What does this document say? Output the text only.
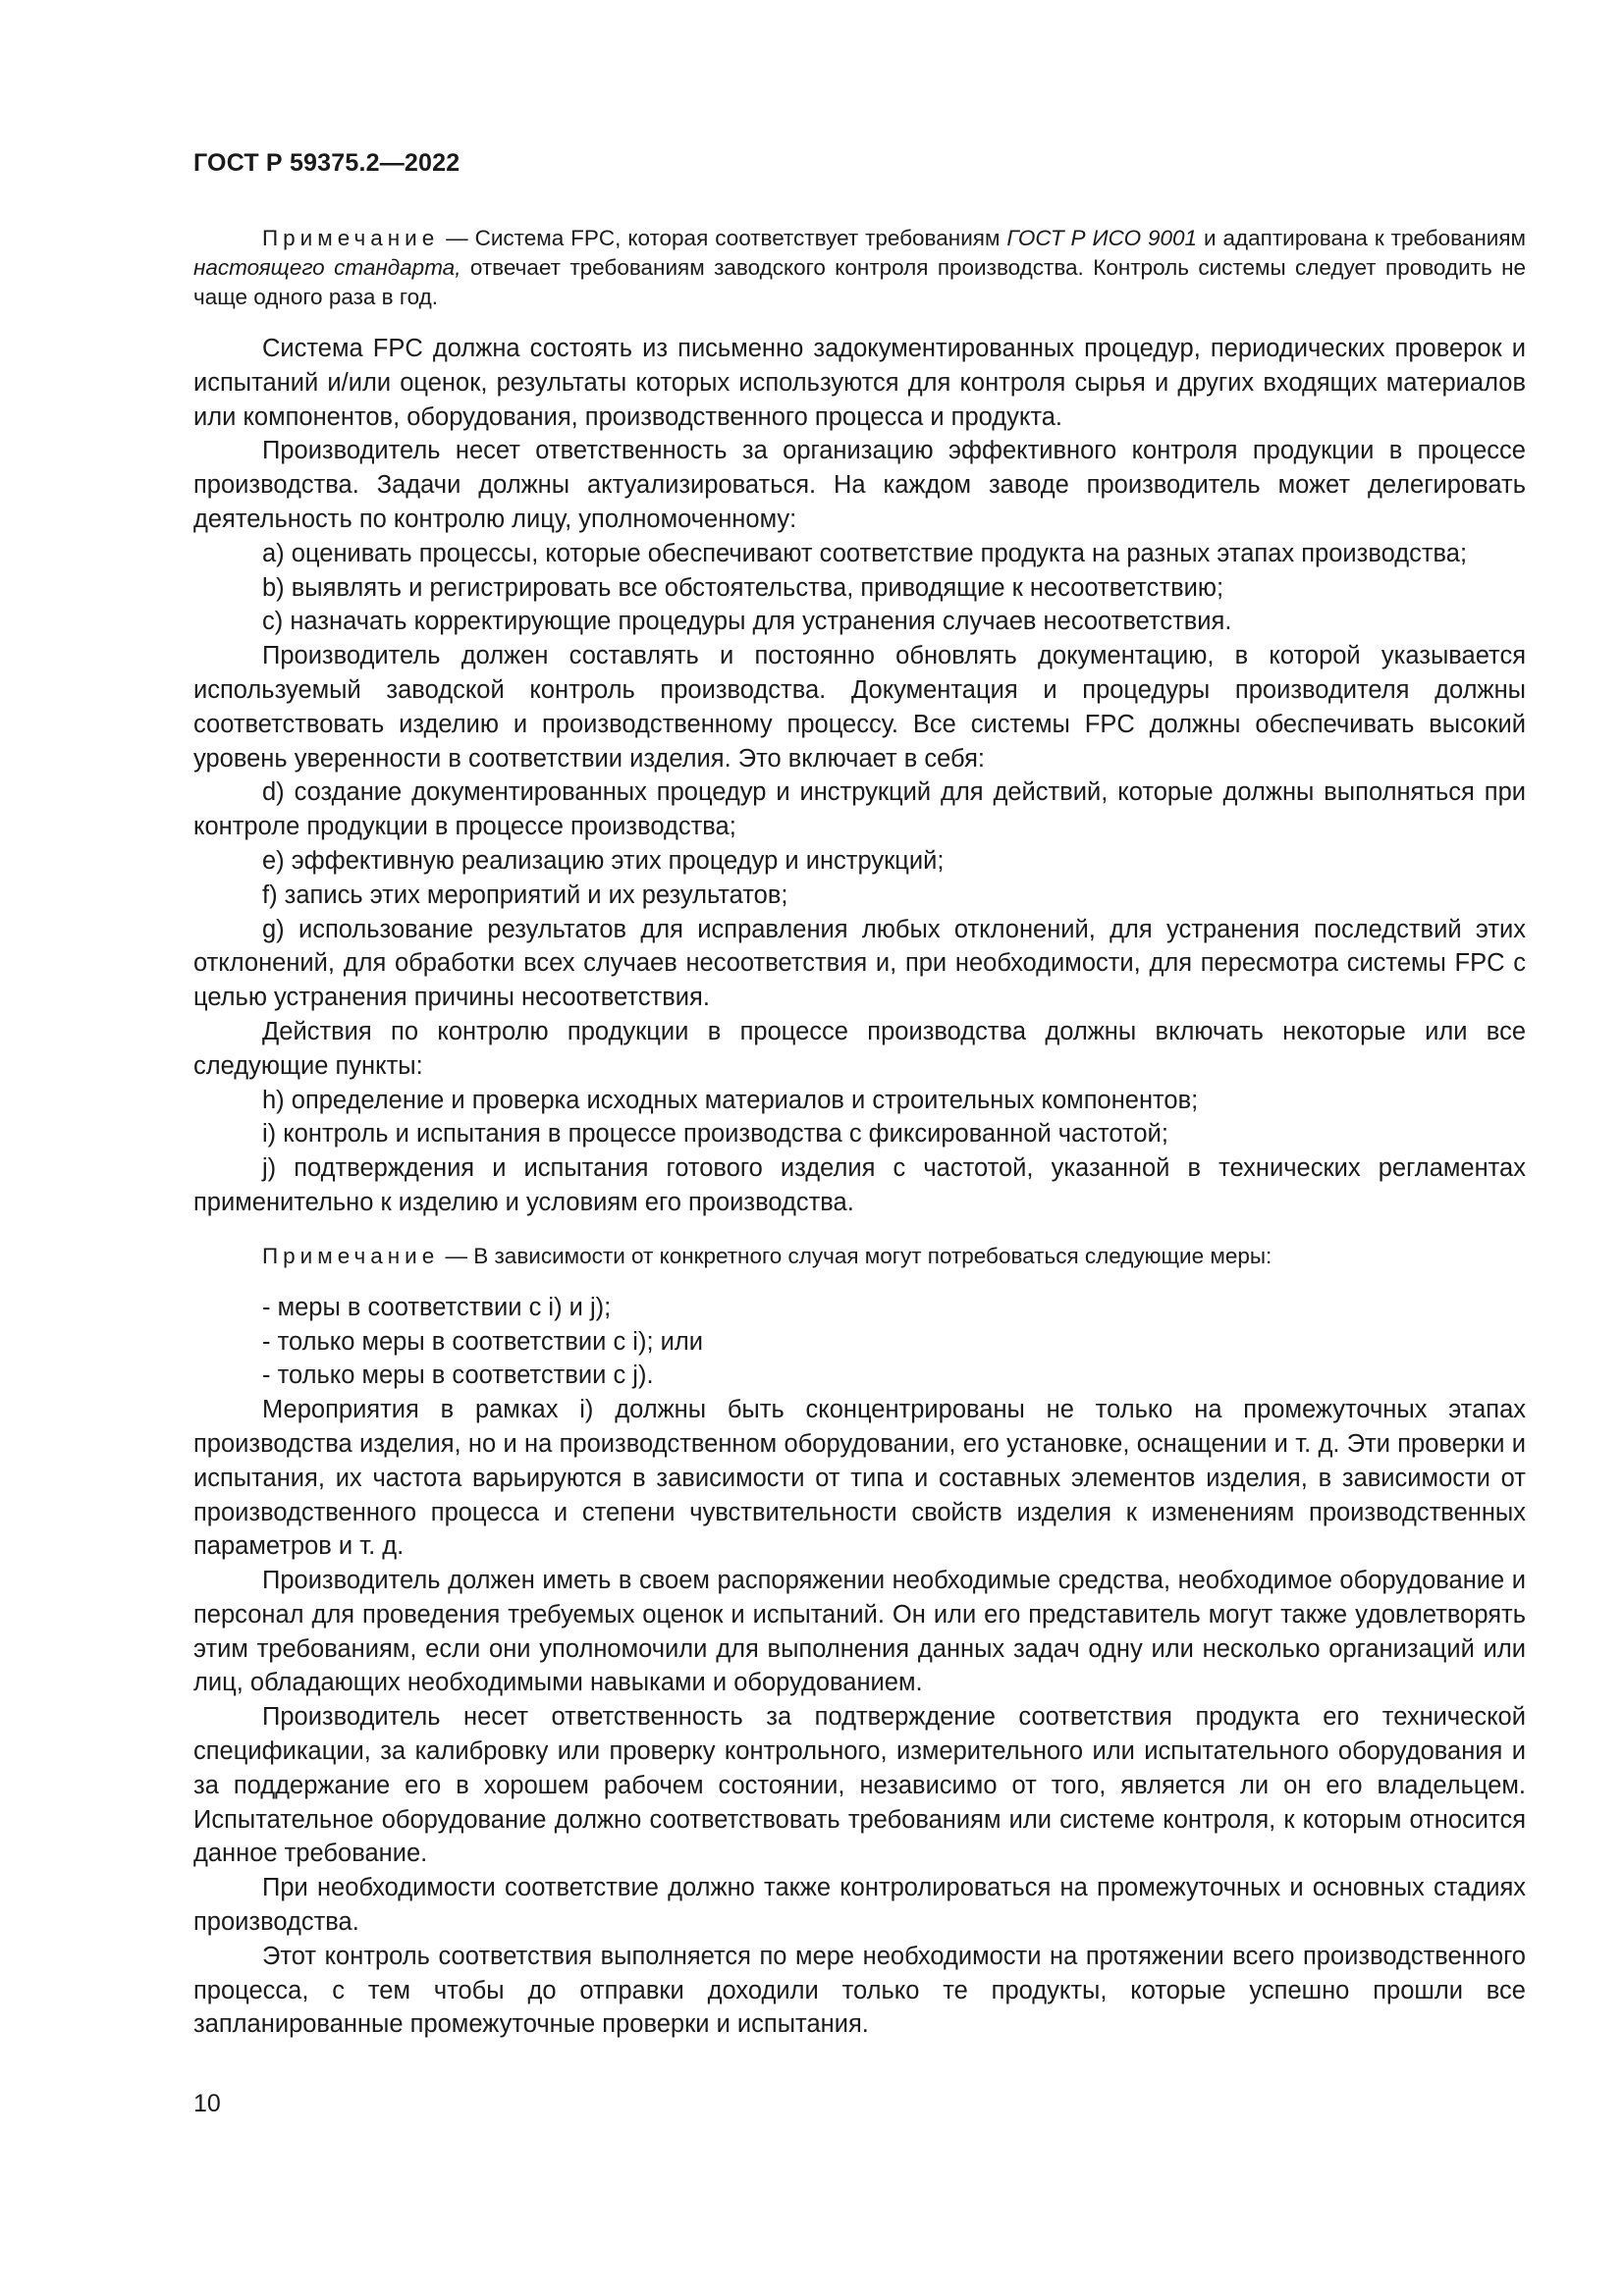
ГОСТ Р 59375.2—2022

Примечание — Система FPC, которая соответствует требованиям ГОСТ Р ИСО 9001 и адаптирована к требованиям настоящего стандарта, отвечает требованиям заводского контроля производства. Контроль системы следует проводить не чаще одного раза в год.

Система FPC должна состоять из письменно задокументированных процедур, периодических проверок и испытаний и/или оценок, результаты которых используются для контроля сырья и других входящих материалов или компонентов, оборудования, производственного процесса и продукта.

Производитель несет ответственность за организацию эффективного контроля продукции в процессе производства. Задачи должны актуализироваться. На каждом заводе производитель может делегировать деятельность по контролю лицу, уполномоченному:

a) оценивать процессы, которые обеспечивают соответствие продукта на разных этапах производства;

b) выявлять и регистрировать все обстоятельства, приводящие к несоответствию;

c) назначать корректирующие процедуры для устранения случаев несоответствия.

Производитель должен составлять и постоянно обновлять документацию, в которой указывается используемый заводской контроль производства. Документация и процедуры производителя должны соответствовать изделию и производственному процессу. Все системы FPC должны обеспечивать высокий уровень уверенности в соответствии изделия. Это включает в себя:

d) создание документированных процедур и инструкций для действий, которые должны выполняться при контроле продукции в процессе производства;

e) эффективную реализацию этих процедур и инструкций;

f) запись этих мероприятий и их результатов;

g) использование результатов для исправления любых отклонений, для устранения последствий этих отклонений, для обработки всех случаев несоответствия и, при необходимости, для пересмотра системы FPC с целью устранения причины несоответствия.

Действия по контролю продукции в процессе производства должны включать некоторые или все следующие пункты:

h) определение и проверка исходных материалов и строительных компонентов;

i) контроль и испытания в процессе производства с фиксированной частотой;

j) подтверждения и испытания готового изделия с частотой, указанной в технических регламентах применительно к изделию и условиям его производства.

Примечание — В зависимости от конкретного случая могут потребоваться следующие меры:

- меры в соответствии с i) и j);

- только меры в соответствии с i); или

- только меры в соответствии с j).

Мероприятия в рамках i) должны быть сконцентрированы не только на промежуточных этапах производства изделия, но и на производственном оборудовании, его установке, оснащении и т. д. Эти проверки и испытания, их частота варьируются в зависимости от типа и составных элементов изделия, в зависимости от производственного процесса и степени чувствительности свойств изделия к изменениям производственных параметров и т. д.

Производитель должен иметь в своем распоряжении необходимые средства, необходимое оборудование и персонал для проведения требуемых оценок и испытаний. Он или его представитель могут также удовлетворять этим требованиям, если они уполномочили для выполнения данных задач одну или несколько организаций или лиц, обладающих необходимыми навыками и оборудованием.

Производитель несет ответственность за подтверждение соответствия продукта его технической спецификации, за калибровку или проверку контрольного, измерительного или испытательного оборудования и за поддержание его в хорошем рабочем состоянии, независимо от того, является ли он его владельцем. Испытательное оборудование должно соответствовать требованиям или системе контроля, к которым относится данное требование.

При необходимости соответствие должно также контролироваться на промежуточных и основных стадиях производства.

Этот контроль соответствия выполняется по мере необходимости на протяжении всего производственного процесса, с тем чтобы до отправки доходили только те продукты, которые успешно прошли все запланированные промежуточные проверки и испытания.

10
